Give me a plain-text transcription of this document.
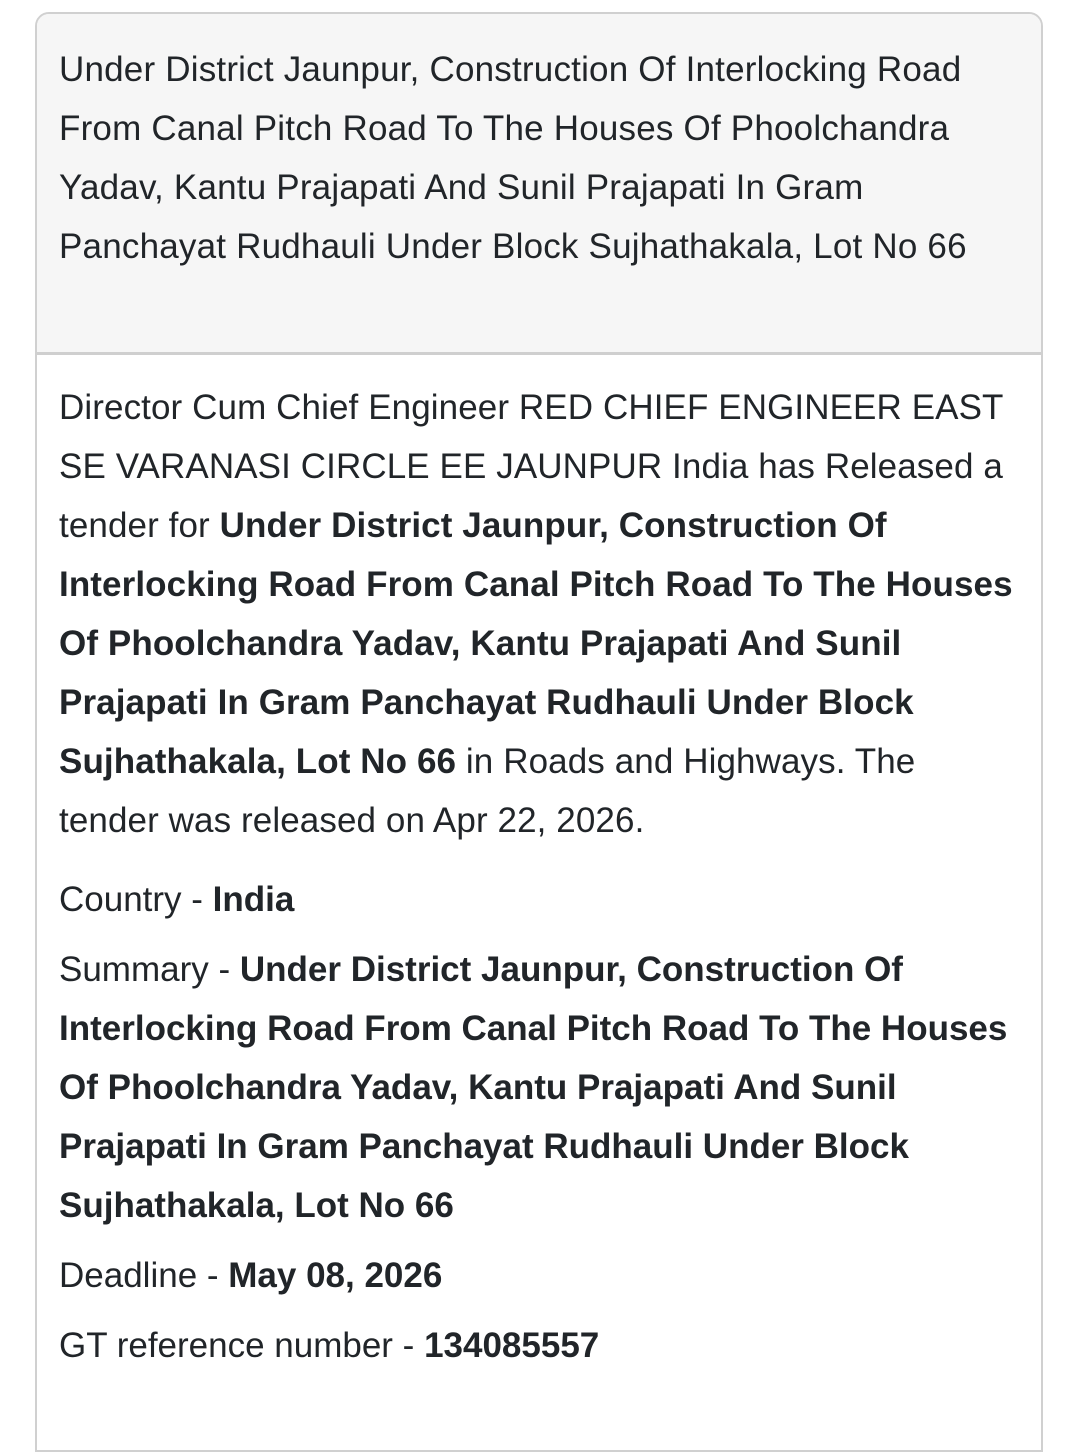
Under District Jaunpur, Construction Of Interlocking Road From Canal Pitch Road To The Houses Of Phoolchandra Yadav, Kantu Prajapati And Sunil Prajapati In Gram Panchayat Rudhauli Under Block Sujhathakala, Lot No 66

Director Cum Chief Engineer RED CHIEF ENGINEER EAST SE VARANASI CIRCLE EE JAUNPUR India has Released a tender for Under District Jaunpur, Construction Of Interlocking Road From Canal Pitch Road To The Houses Of Phoolchandra Yadav, Kantu Prajapati And Sunil Prajapati In Gram Panchayat Rudhauli Under Block Sujhathakala, Lot No 66 in Roads and Highways. The tender was released on Apr 22, 2026.

Country - India

Summary - Under District Jaunpur, Construction Of Interlocking Road From Canal Pitch Road To The Houses Of Phoolchandra Yadav, Kantu Prajapati And Sunil Prajapati In Gram Panchayat Rudhauli Under Block Sujhathakala, Lot No 66

Deadline - May 08, 2026

GT reference number - 134085557
